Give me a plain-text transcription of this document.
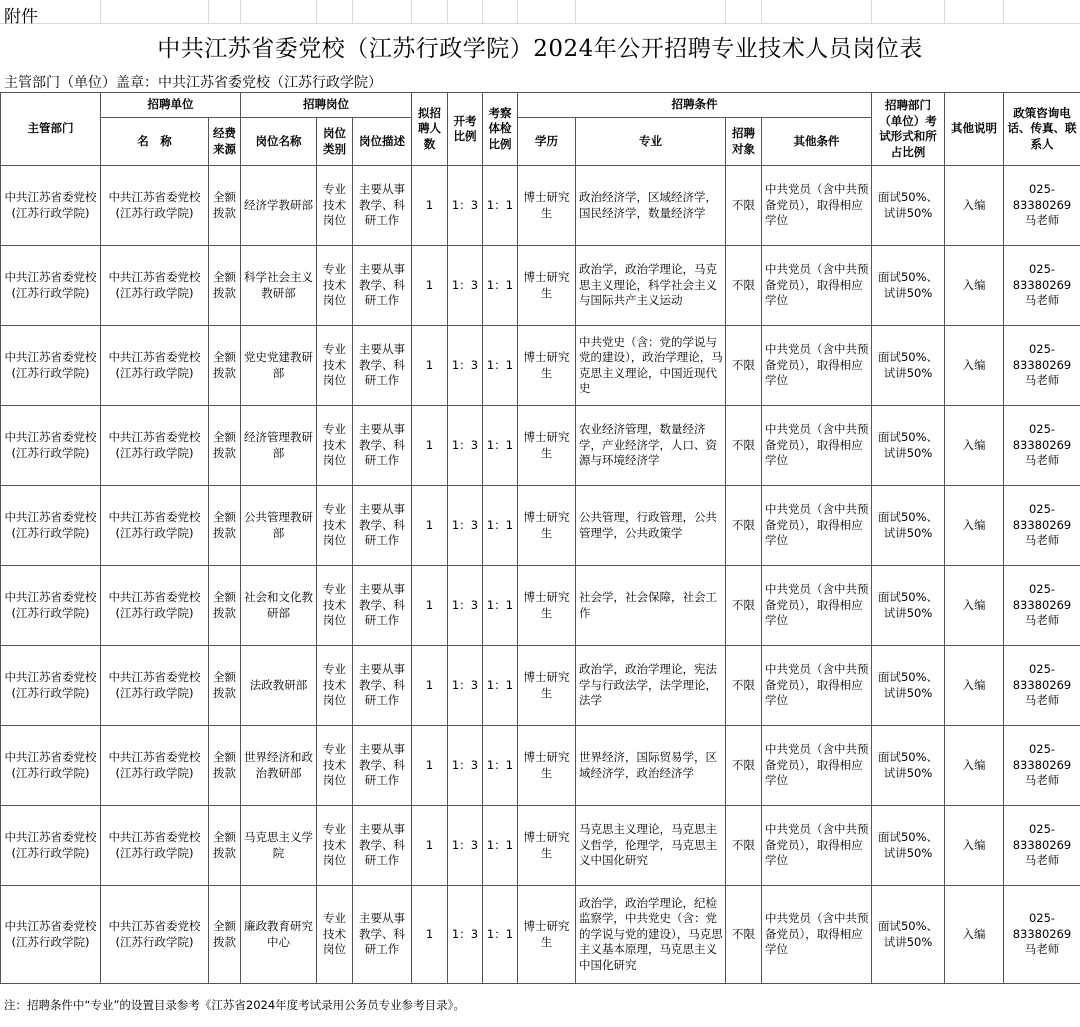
附件
中共江苏省委党校（江苏行政学院）2024年公开招聘专业技术人员岗位表
主管部门（单位）盖章：中共江苏省委党校（江苏行政学院）
主管部门	招聘单位		招聘岗位			拟招聘人数	开考比例	考察体检比例	招聘条件				招聘部门（单位）考试形式和所占比例	其他说明	政策咨询电话、传真、联系人
	名　称	经费来源	岗位名称	岗位类别	岗位描述				学历	专业	招聘对象	其他条件			
中共江苏省委党校(江苏行政学院)	中共江苏省委党校(江苏行政学院)	全额拨款	经济学教研部	专业技术岗位	主要从事教学、科研工作	1	1：3	1：1	博士研究生	政治经济学，区域经济学，国民经济学，数量经济学	不限	中共党员（含中共预备党员），取得相应学位	面试50%、试讲50%	入编	025-83380269
马老师

中共江苏省委党校(江苏行政学院)	中共江苏省委党校(江苏行政学院)	全额拨款	科学社会主义教研部	专业技术岗位	主要从事教学、科研工作	1	1：3	1：1	博士研究生	政治学，政治学理论，马克思主义理论，科学社会主义与国际共产主义运动	不限	中共党员（含中共预备党员），取得相应学位	面试50%、试讲50%	入编	025-83380269
马老师

中共江苏省委党校(江苏行政学院)	中共江苏省委党校(江苏行政学院)	全额拨款	党史党建教研部	专业技术岗位	主要从事教学、科研工作	1	1：3	1：1	博士研究生	中共党史（含：党的学说与党的建设），政治学理论，马克思主义理论，中国近现代史	不限	中共党员（含中共预备党员），取得相应学位	面试50%、试讲50%	入编	025-83380269
马老师

中共江苏省委党校(江苏行政学院)	中共江苏省委党校(江苏行政学院)	全额拨款	经济管理教研部	专业技术岗位	主要从事教学、科研工作	1	1：3	1：1	博士研究生	农业经济管理，数量经济学，产业经济学，人口、资源与环境经济学	不限	中共党员（含中共预备党员），取得相应学位	面试50%、试讲50%	入编	025-83380269
马老师

中共江苏省委党校(江苏行政学院)	中共江苏省委党校(江苏行政学院)	全额拨款	公共管理教研部	专业技术岗位	主要从事教学、科研工作	1	1：3	1：1	博士研究生	公共管理，行政管理，公共管理学，公共政策学	不限	中共党员（含中共预备党员），取得相应学位	面试50%、试讲50%	入编	025-83380269
马老师

中共江苏省委党校(江苏行政学院)	中共江苏省委党校(江苏行政学院)	全额拨款	社会和文化教研部	专业技术岗位	主要从事教学、科研工作	1	1：3	1：1	博士研究生	社会学，社会保障，社会工作	不限	中共党员（含中共预备党员），取得相应学位	面试50%、试讲50%	入编	025-83380269
马老师

中共江苏省委党校(江苏行政学院)	中共江苏省委党校(江苏行政学院)	全额拨款	法政教研部	专业技术岗位	主要从事教学、科研工作	1	1：3	1：1	博士研究生	政治学，政治学理论，宪法学与行政法学，法学理论，法学	不限	中共党员（含中共预备党员），取得相应学位	面试50%、试讲50%	入编	025-83380269
马老师

中共江苏省委党校(江苏行政学院)	中共江苏省委党校(江苏行政学院)	全额拨款	世界经济和政治教研部	专业技术岗位	主要从事教学、科研工作	1	1：3	1：1	博士研究生	世界经济，国际贸易学，区域经济学，政治经济学	不限	中共党员（含中共预备党员），取得相应学位	面试50%、试讲50%	入编	025-83380269
马老师

中共江苏省委党校(江苏行政学院)	中共江苏省委党校(江苏行政学院)	全额拨款	马克思主义学院	专业技术岗位	主要从事教学、科研工作	1	1：3	1：1	博士研究生	马克思主义理论，马克思主义哲学，伦理学，马克思主义中国化研究	不限	中共党员（含中共预备党员），取得相应学位	面试50%、试讲50%	入编	025-83380269
马老师

中共江苏省委党校(江苏行政学院)	中共江苏省委党校(江苏行政学院)	全额拨款	廉政教育研究中心	专业技术岗位	主要从事教学、科研工作	1	1：3	1：1	博士研究生	政治学，政治学理论，纪检监察学，中共党史（含：党的学说与党的建设），马克思主义基本原理，马克思主义中国化研究	不限	中共党员（含中共预备党员），取得相应学位	面试50%、试讲50%	入编	025-83380269
马老师
注：招聘条件中“专业”的设置目录参考《江苏省2024年度考试录用公务员专业参考目录》。
